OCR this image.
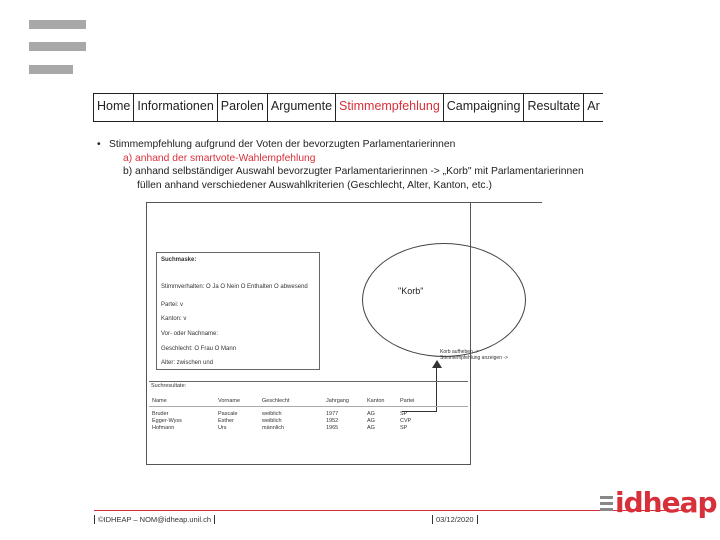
Home Informationen Parolen Argumente Stimmempfehlung Campaigning Resultate Ar
• Stimmempfehlung aufgrund der Voten der bevorzugten Parlamentarierinnen
a) anhand der smartvote-Wahlempfehlung
b) anhand selbständiger Auswahl bevorzugter Parlamentarierinnen -> „Korb" mit Parlamentarierinnen
füllen anhand verschiedener Auswahlkriterien (Geschlecht, Alter, Kanton, etc.)
Suchmaske:
Stimmverhalten: O Ja O Nein O Enthalten O abwesend
Partei: v
Kanton: v
Vor- oder Nachname:
Geschlecht: O Frau O Mann
Alter: zwischen und
"Korb"
Korb aufheben ->
Stimmempfehlung anzeigen ->
Suchresultate:
Name	Vorname	Geschlecht	Jahrgang	Kanton	Partei
Bruder	Pascale	weiblich	1977	AG	SP
Egger-Wyss	Esther	weiblich	1952	AG	CVP
Hofmann	Urs	männlich	1965	AG	SP
©IDHEAP – NOM@idheap.unil.ch	03/12/2020
idheap
